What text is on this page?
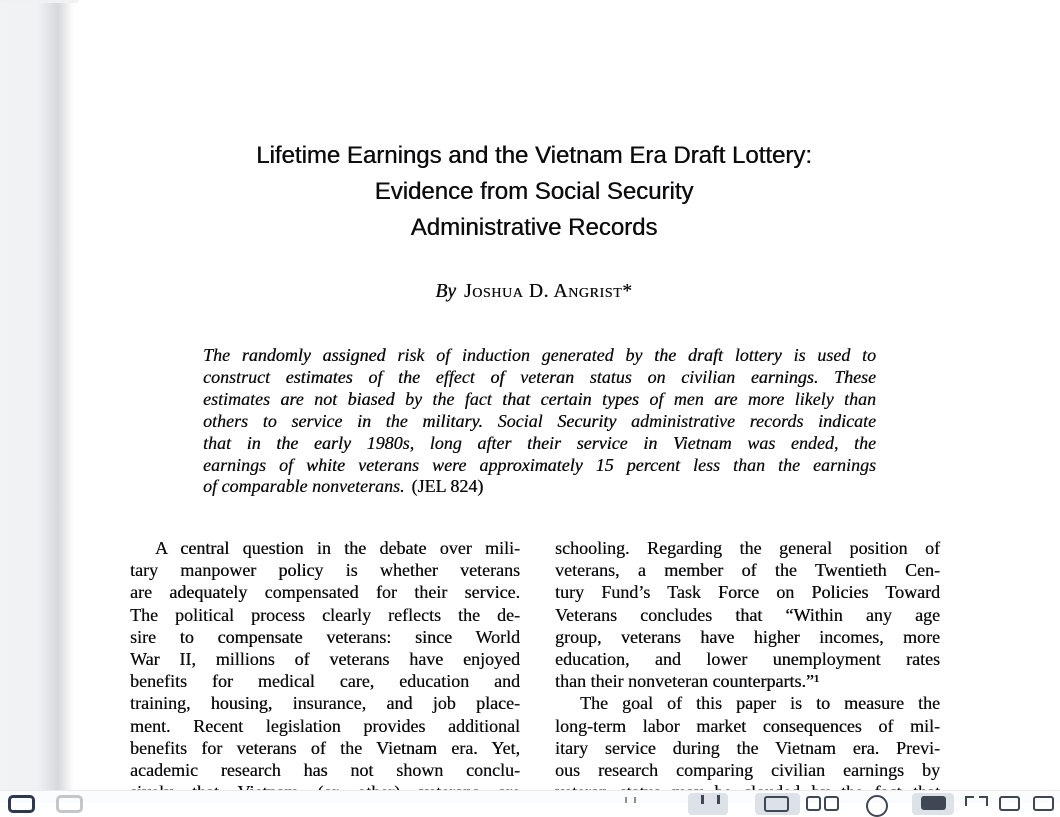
Lifetime Earnings and the Vietnam Era Draft Lottery:
Evidence from Social Security
Administrative Records
By Joshua D. Angrist*
The randomly assigned risk of induction generated by the draft lottery is used to
construct estimates of the effect of veteran status on civilian earnings. These
estimates are not biased by the fact that certain types of men are more likely than
others to service in the military. Social Security administrative records indicate
that in the early 1980s, long after their service in Vietnam was ended, the
earnings of white veterans were approximately 15 percent less than the earnings
of comparable nonveterans. (JEL 824)
A central question in the debate over mili-
tary manpower policy is whether veterans
are adequately compensated for their service.
The political process clearly reflects the de-
sire to compensate veterans: since World
War II, millions of veterans have enjoyed
benefits for medical care, education and
training, housing, insurance, and job place-
ment. Recent legislation provides additional
benefits for veterans of the Vietnam era. Yet,
academic research has not shown conclu-
schooling. Regarding the general position of
veterans, a member of the Twentieth Cen-
tury Fund’s Task Force on Policies Toward
Veterans concludes that “Within any age
group, veterans have higher incomes, more
education, and lower unemployment rates
than their nonveteran counterparts.”¹
The goal of this paper is to measure the
long-term labor market consequences of mil-
itary service during the Vietnam era. Previ-
ous research comparing civilian earnings by
